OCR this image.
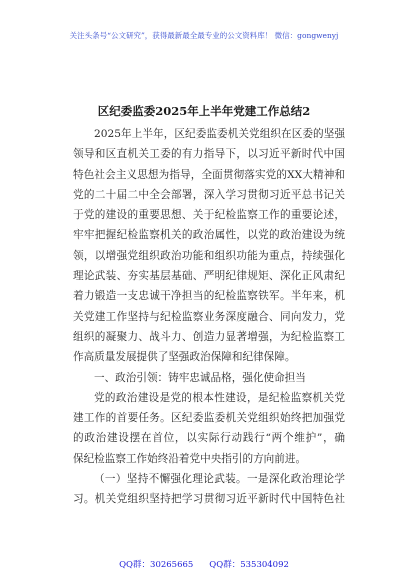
关注头条号“公文研究”，获得最新最全最专业的公文资料库！ 微信：gongwenyj
区纪委监委2025年上半年党建工作总结2
2025年上半年，区纪委监委机关党组织在区委的坚强
领导和区直机关工委的有力指导下，以习近平新时代中国
特色社会主义思想为指导，全面贯彻落实党的XX大精神和
党的二十届二中全会部署，深入学习贯彻习近平总书记关
于党的建设的重要思想、关于纪检监察工作的重要论述，
牢牢把握纪检监察机关的政治属性，以党的政治建设为统
领，以增强党组织政治功能和组织功能为重点，持续强化
理论武装、夯实基层基础、严明纪律规矩、深化正风肃纪
着力锻造一支忠诚干净担当的纪检监察铁军。半年来，机
关党建工作坚持与纪检监察业务深度融合、同向发力，党
组织的凝聚力、战斗力、创造力显著增强，为纪检监察工
作高质量发展提供了坚强政治保障和纪律保障。
一、政治引领：铸牢忠诚品格，强化使命担当
党的政治建设是党的根本性建设，是纪检监察机关党
建工作的首要任务。区纪委监委机关党组织始终把加强党
的政治建设摆在首位，以实际行动践行“两个维护”，确
保纪检监察工作始终沿着党中央指引的方向前进。
（一）坚持不懈强化理论武装。一是深化政治理论学
习。机关党组织坚持把学习贯彻习近平新时代中国特色社
QQ群：30265665 QQ群：535304092
